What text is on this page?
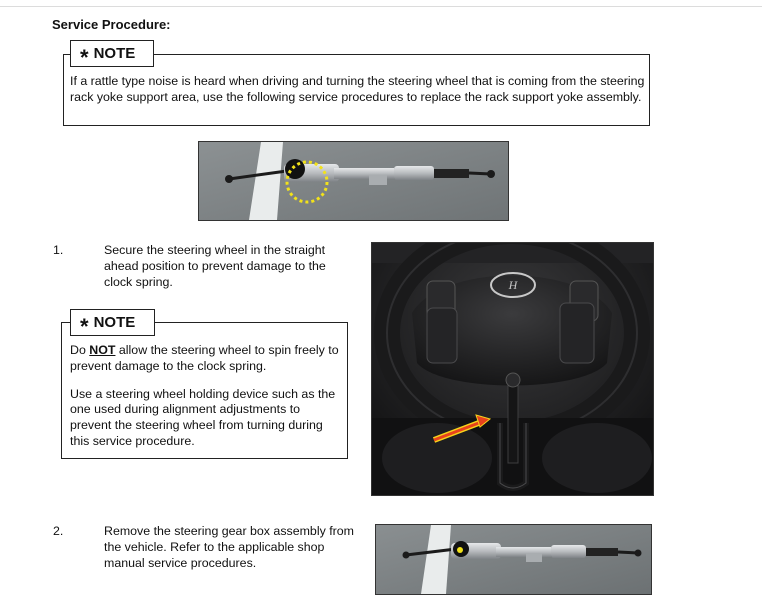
Service Procedure:
* NOTE
If a rattle type noise is heard when driving and turning the steering wheel that is coming from the steering rack yoke support area, use the following service procedures to replace the rack support yoke assembly.
1.	Secure the steering wheel in the straight ahead position to prevent damage to the clock spring.
* NOTE

Do NOT allow the steering wheel to spin freely to prevent damage to the clock spring.

Use a steering wheel holding device such as the one used during alignment adjustments to prevent the steering wheel from turning during this service procedure.

H
2.	Remove the steering gear box assembly from the vehicle. Refer to the applicable shop manual service procedures.
